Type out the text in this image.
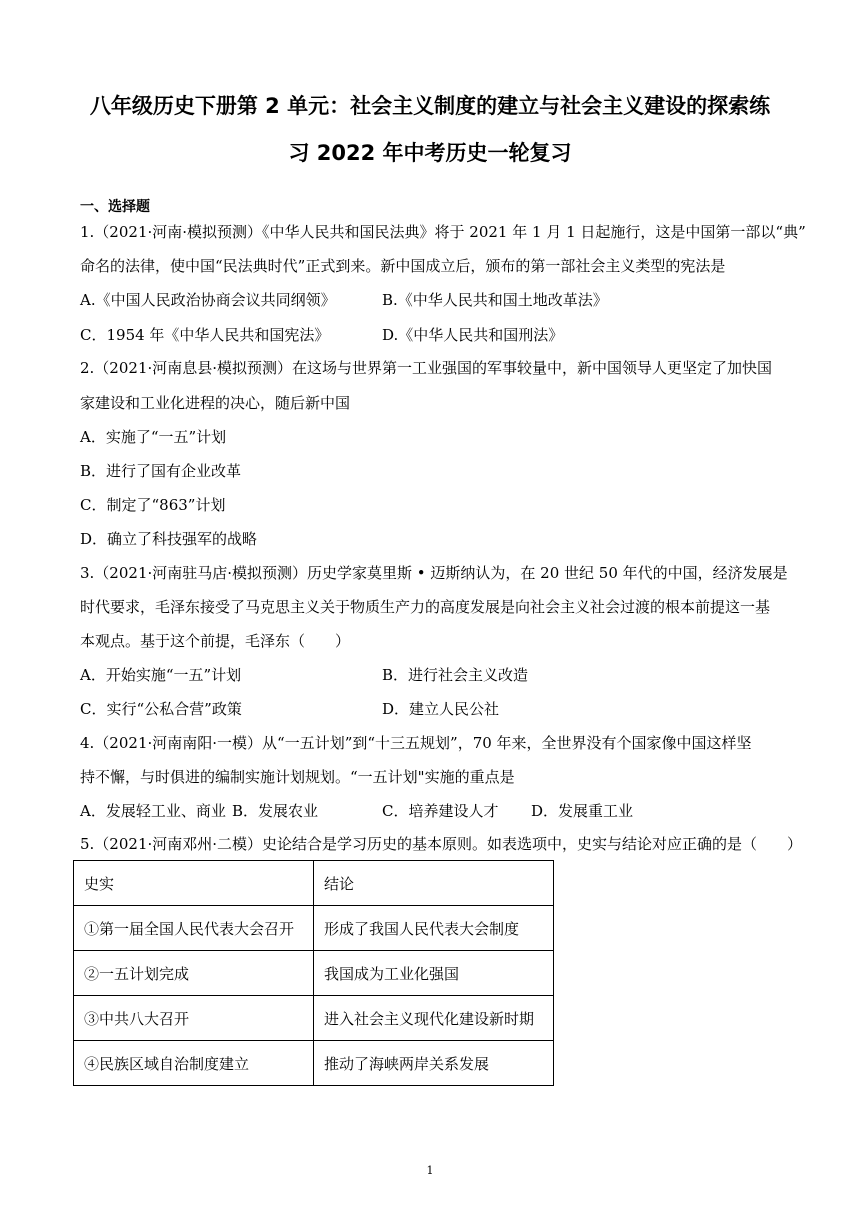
八年级历史下册第 2 单元：社会主义制度的建立与社会主义建设的探索练
习 2022 年中考历史一轮复习
一、选择题
1.（2021·河南·模拟预测）《中华人民共和国民法典》将于 2021 年 1 月 1 日起施行，这是中国第一部以“典”
命名的法律，使中国“民法典时代”正式到来。新中国成立后，颁布的第一部社会主义类型的宪法是
A.《中国人民政治协商会议共同纲领》	B.《中华人民共和国土地改革法》
C．1954 年《中华人民共和国宪法》	D.《中华人民共和国刑法》
2.（2021·河南息县·模拟预测）在这场与世界第一工业强国的军事较量中，新中国领导人更坚定了加快国
家建设和工业化进程的决心，随后新中国
A．实施了“一五”计划
B．进行了国有企业改革
C．制定了“863”计划
D．确立了科技强军的战略
3.（2021·河南驻马店·模拟预测）历史学家莫里斯 • 迈斯纳认为，在 20 世纪 50 年代的中国，经济发展是
时代要求，毛泽东接受了马克思主义关于物质生产力的高度发展是向社会主义社会过渡的根本前提这一基
本观点。基于这个前提，毛泽东（　　）
A．开始实施“一五”计划	B．进行社会主义改造
C．实行“公私合营”政策	D．建立人民公社
4.（2021·河南南阳·一模）从“一五计划”到“十三五规划”，70 年来，全世界没有个国家像中国这样坚
持不懈，与时俱进的编制实施计划规划。“一五计划"实施的重点是
A．发展轻工业、商业 B．发展农业	C．培养建设人才 D．发展重工业
5.（2021·河南邓州·二模）史论结合是学习历史的基本原则。如表选项中，史实与结论对应正确的是（　　）
史实	结论
①第一届全国人民代表大会召开	形成了我国人民代表大会制度
②一五计划完成	我国成为工业化强国
③中共八大召开	进入社会主义现代化建设新时期
④民族区域自治制度建立	推动了海峡两岸关系发展
1
